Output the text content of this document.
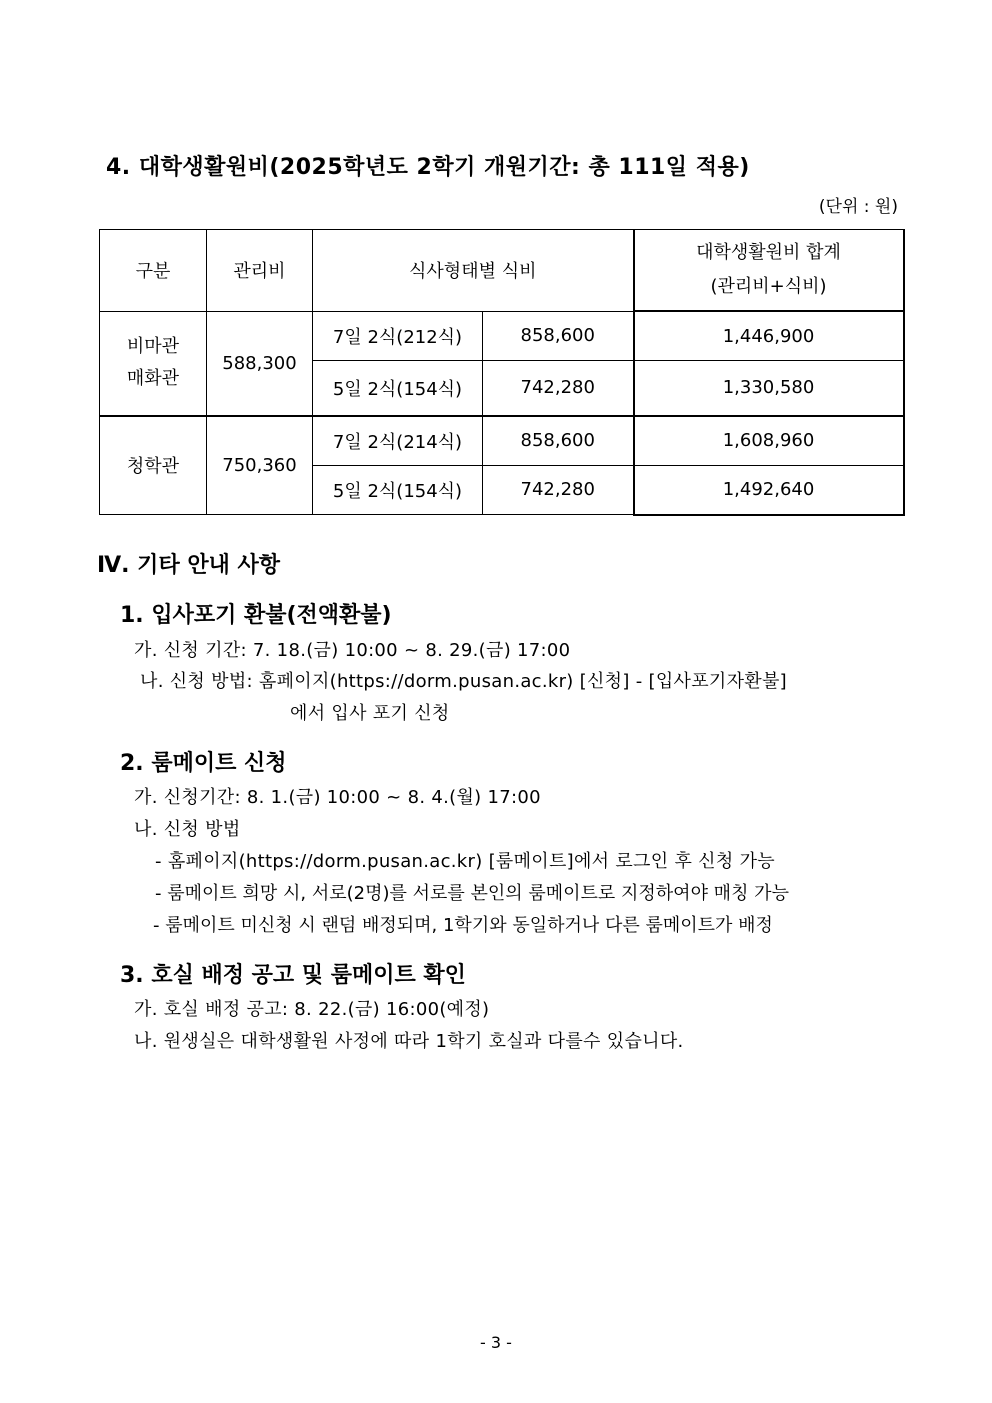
4. 대학생활원비(2025학년도 2학기 개원기간: 총 111일 적용)
(단위 : 원)
구분	관리비	식사형태별 식비		대학생활원비 합계
(관리비+식비)
비마관
매화관	588,300	7일 2식(212식)	858,600	1,446,900
		5일 2식(154식)	742,280	1,330,580
청학관	750,360	7일 2식(214식)	858,600	1,608,960
		5일 2식(154식)	742,280	1,492,640
Ⅳ. 기타 안내 사항
1. 입사포기 환불(전액환불)
가. 신청 기간: 7. 18.(금) 10:00 ~ 8. 29.(금) 17:00
나. 신청 방법: 홈페이지(https://dorm.pusan.ac.kr) [신청] - [입사포기자환불]
에서 입사 포기 신청
2. 룸메이트 신청
가. 신청기간: 8. 1.(금) 10:00 ~ 8. 4.(월) 17:00
나. 신청 방법
- 홈페이지(https://dorm.pusan.ac.kr) [룸메이트]에서 로그인 후 신청 가능
- 룸메이트 희망 시, 서로(2명)를 서로를 본인의 룸메이트로 지정하여야 매칭 가능
- 룸메이트 미신청 시 랜덤 배정되며, 1학기와 동일하거나 다른 룸메이트가 배정
3. 호실 배정 공고 및 룸메이트 확인
가. 호실 배정 공고: 8. 22.(금) 16:00(예정)
나. 원생실은 대학생활원 사정에 따라 1학기 호실과 다를수 있습니다.
- 3 -
